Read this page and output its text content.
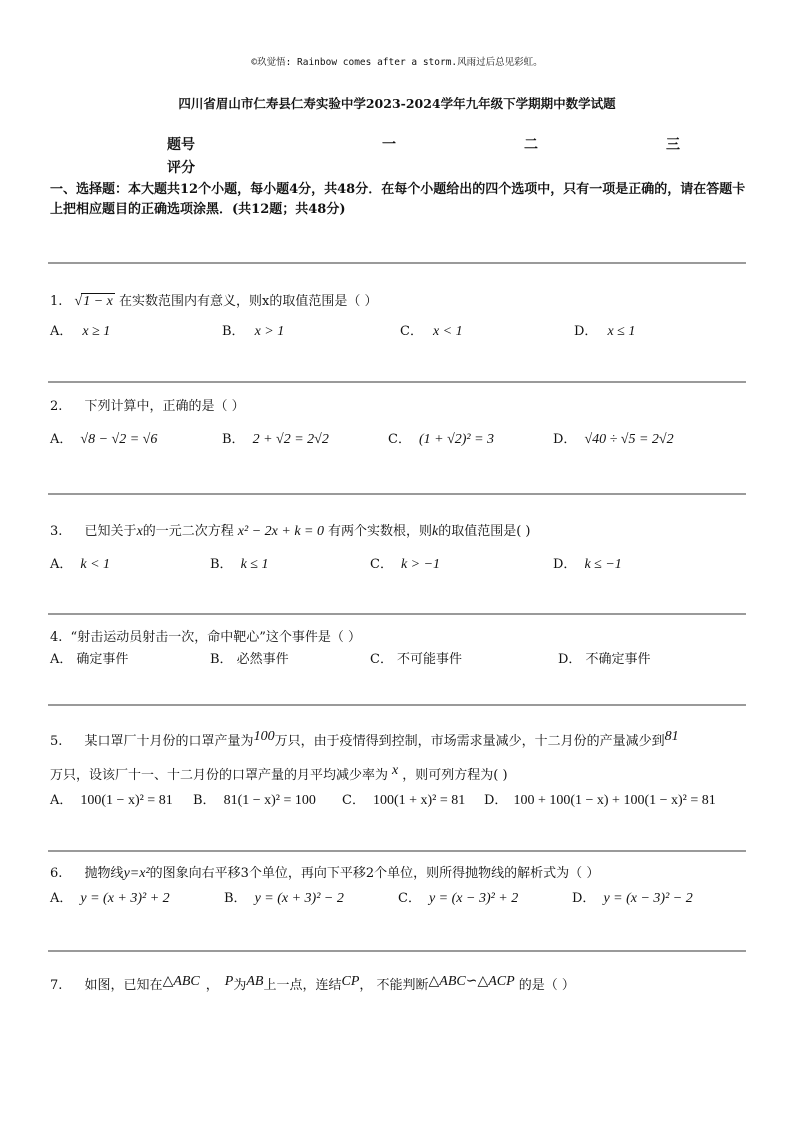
©玖觉悟: Rainbow comes after a storm.风雨过后总见彩虹。
四川省眉山市仁寿县仁寿实验中学2023-2024学年九年级下学期期中数学试题
题号	一	二	三
评分
一、选择题：本大题共12个小题，每小题4分，共48分．在每个小题给出的四个选项中，只有一项是正确的，请在答题卡上把相应题目的正确选项涂黑．(共12题；共48分)
1. √1 − x 在实数范围内有意义，则x的取值范围是（ ）
A． x ≥ 1	B． x > 1	C． x < 1	D． x ≤ 1
2. 下列计算中，正确的是（ ）
A． √8 − √2 = √6	B． 2 + √2 = 2√2	C． (1 + √2)² = 3	D． √40 ÷ √5 = 2√2
3. 已知关于x的一元二次方程 x² − 2x + k = 0 有两个实数根，则k的取值范围是( )
A． k < 1	B． k ≤ 1	C． k > −1	D． k ≤ −1
4. “射击运动员射击一次，命中靶心”这个事件是（ ）
A． 确定事件	B． 必然事件	C． 不可能事件	D． 不确定事件
5. 某口罩厂十月份的口罩产量为100万只，由于疫情得到控制，市场需求量减少，十二月份的产量减少到81
万只，设该厂十一、十二月份的口罩产量的月平均减少率为 x ，则可列方程为( )
A． 100(1 − x)² = 81 B． 81(1 − x)² = 100 C． 100(1 + x)² = 81 D． 100 + 100(1 − x) + 100(1 − x)² = 81
6. 抛物线y=x²的图象向右平移3个单位，再向下平移2个单位，则所得抛物线的解析式为（ ）
A． y = (x + 3)² + 2	B． y = (x + 3)² − 2	C． y = (x − 3)² + 2	D． y = (x − 3)² − 2
7. 如图，已知在△ABC ， P为AB上一点，连结CP， 不能判断△ABC∽△ACP 的是（ ）
